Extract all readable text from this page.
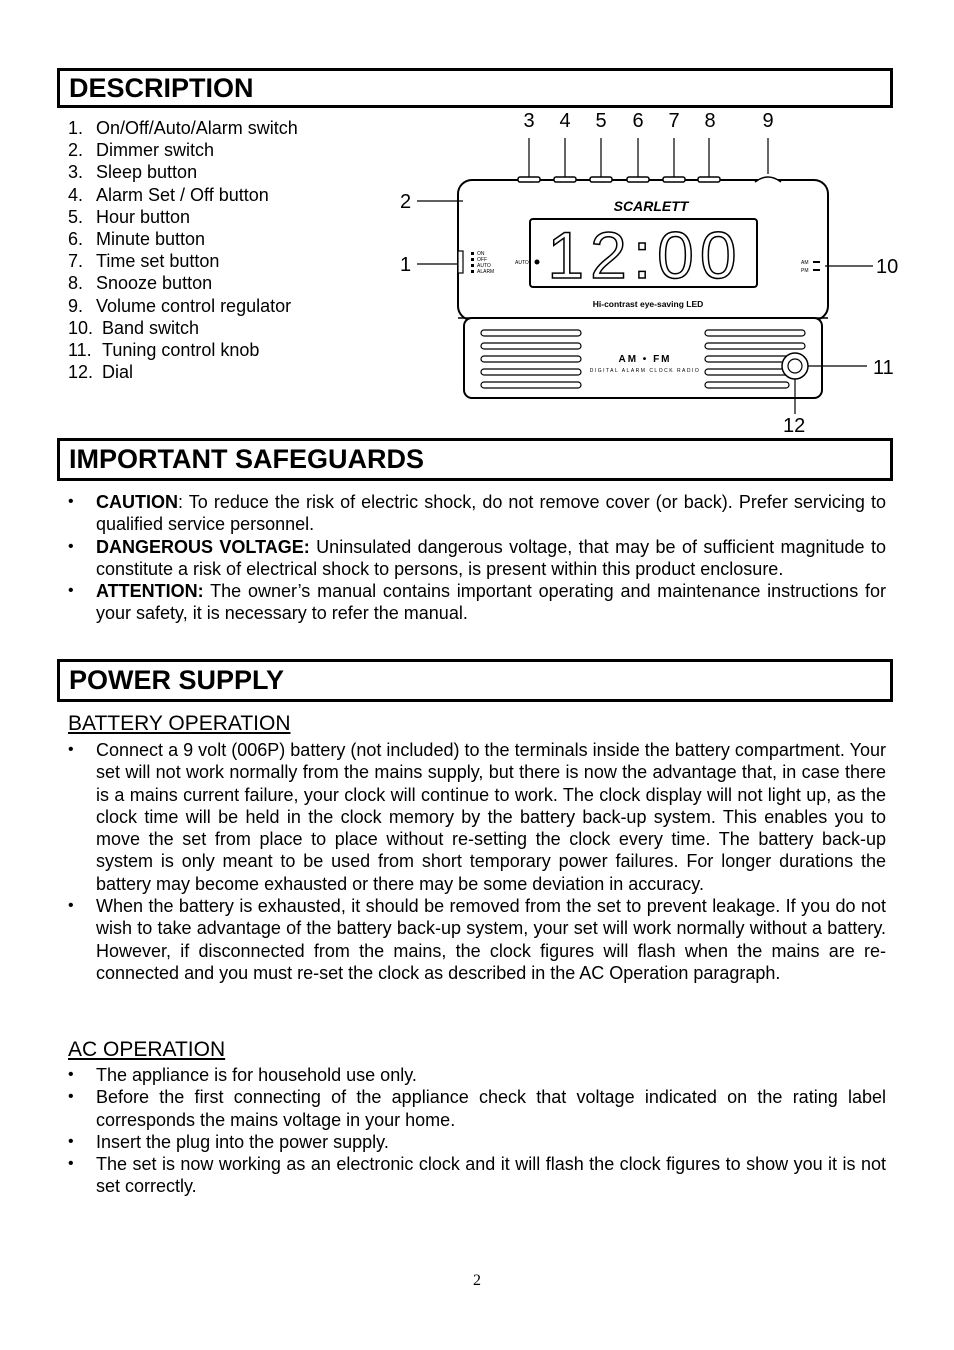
DESCRIPTION
1. On/Off/Auto/Alarm switch
2. Dimmer switch
3. Sleep button
4. Alarm Set / Off button
5. Hour button
6. Minute button
7. Time set button
8. Snooze button
9. Volume control regulator
10. Band switch
11. Tuning control knob
12. Dial
3 4 5 6 7 8 9
2
1	10
11
12
SCARLETT
12:00
AUTO
ON
OFF
AUTO
ALARM
AM
PM
Hi-contrast eye-saving LED
AM • FM
DIGITAL ALARM CLOCK RADIO
IMPORTANT SAFEGUARDS
• CAUTION: To reduce the risk of electric shock, do not remove cover (or back). Prefer servicing to qualified service personnel.
• DANGEROUS VOLTAGE: Uninsulated dangerous voltage, that may be of sufficient magnitude to constitute a risk of electrical shock to persons, is present within this product enclosure.
• ATTENTION: The owner’s manual contains important operating and maintenance instructions for your safety, it is necessary to refer the manual.
POWER SUPPLY
BATTERY OPERATION
• Connect a 9 volt (006P) battery (not included) to the terminals inside the battery compartment. Your set will not work normally from the mains supply, but there is now the advantage that, in case there is a mains current failure, your clock will continue to work. The clock display will not light up, as the clock time will be held in the clock memory by the battery back-up system. This enables you to move the set from place to place without re-setting the clock every time. The battery back-up system is only meant to be used from short temporary power failures. For longer durations the battery may become exhausted or there may be some deviation in accuracy.
• When the battery is exhausted, it should be removed from the set to prevent leakage. If you do not wish to take advantage of the battery back-up system, your set will work normally without a battery. However, if disconnected from the mains, the clock figures will flash when the mains are re-connected and you must re-set the clock as described in the AC Operation paragraph.
AC OPERATION
• The appliance is for household use only.
• Before the first connecting of the appliance check that voltage indicated on the rating label corresponds the mains voltage in your home.
• Insert the plug into the power supply.
• The set is now working as an electronic clock and it will flash the clock figures to show you it is not set correctly.
2
